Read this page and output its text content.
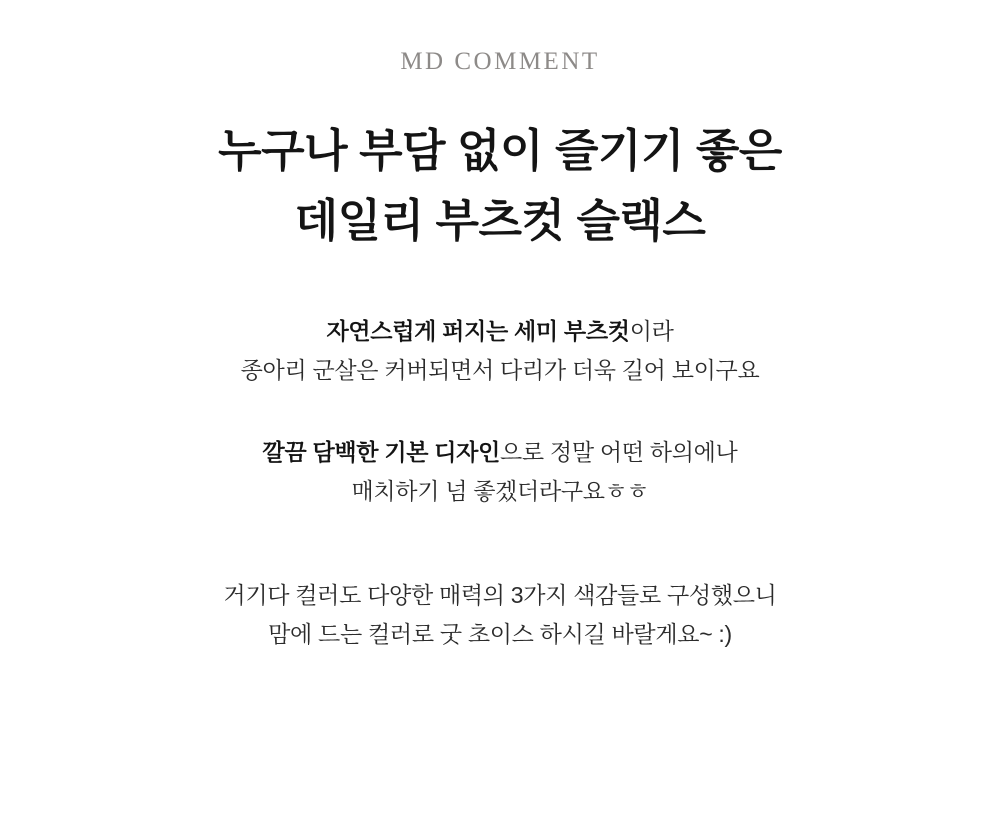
MD COMMENT
누구나 부담 없이 즐기기 좋은
데일리 부츠컷 슬랙스
자연스럽게 퍼지는 세미 부츠컷이라
종아리 군살은 커버되면서 다리가 더욱 길어 보이구요
깔끔 담백한 기본 디자인으로 정말 어떤 하의에나
매치하기 넘 좋겠더라구요ㅎㅎ
거기다 컬러도 다양한 매력의 3가지 색감들로 구성했으니
맘에 드는 컬러로 굿 초이스 하시길 바랄게요~ :)
